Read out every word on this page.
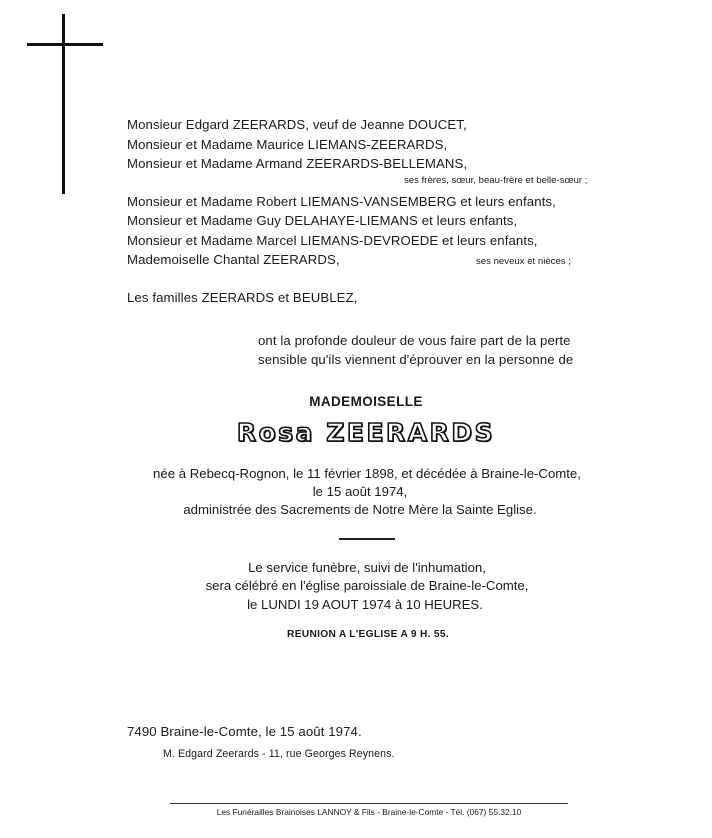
Monsieur Edgard ZEERARDS, veuf de Jeanne DOUCET,
Monsieur et Madame Maurice LIEMANS-ZEERARDS,
Monsieur et Madame Armand ZEERARDS-BELLEMANS,
ses frères, sœur, beau-frère et belle-sœur ;
Monsieur et Madame Robert LIEMANS-VANSEMBERG et leurs enfants,
Monsieur et Madame Guy DELAHAYE-LIEMANS et leurs enfants,
Monsieur et Madame Marcel LIEMANS-DEVROEDE et leurs enfants,
Mademoiselle Chantal ZEERARDS,	ses neveux et nièces ;
Les familles ZEERARDS et BEUBLEZ,
ont la profonde douleur de vous faire part de la perte
sensible qu'ils viennent d'éprouver en la personne de
MADEMOISELLE
Rosa ZEERARDS
née à Rebecq-Rognon, le 11 février 1898, et décédée à Braine-le-Comte,
le 15 août 1974,
administrée des Sacrements de Notre Mère la Sainte Eglise.
Le service funèbre, suivi de l'inhumation,
sera célébré en l'église paroissiale de Braine-le-Comte,
le LUNDI 19 AOUT 1974 à 10 HEURES.
REUNION A L'EGLISE A 9 H. 55.
7490 Braine-le-Comte, le 15 août 1974.
M. Edgard Zeerards - 11, rue Georges Reynens.
Les Funérailles Brainoises LANNOY & Fils - Braine-le-Comte - Tél. (067) 55.32.10
